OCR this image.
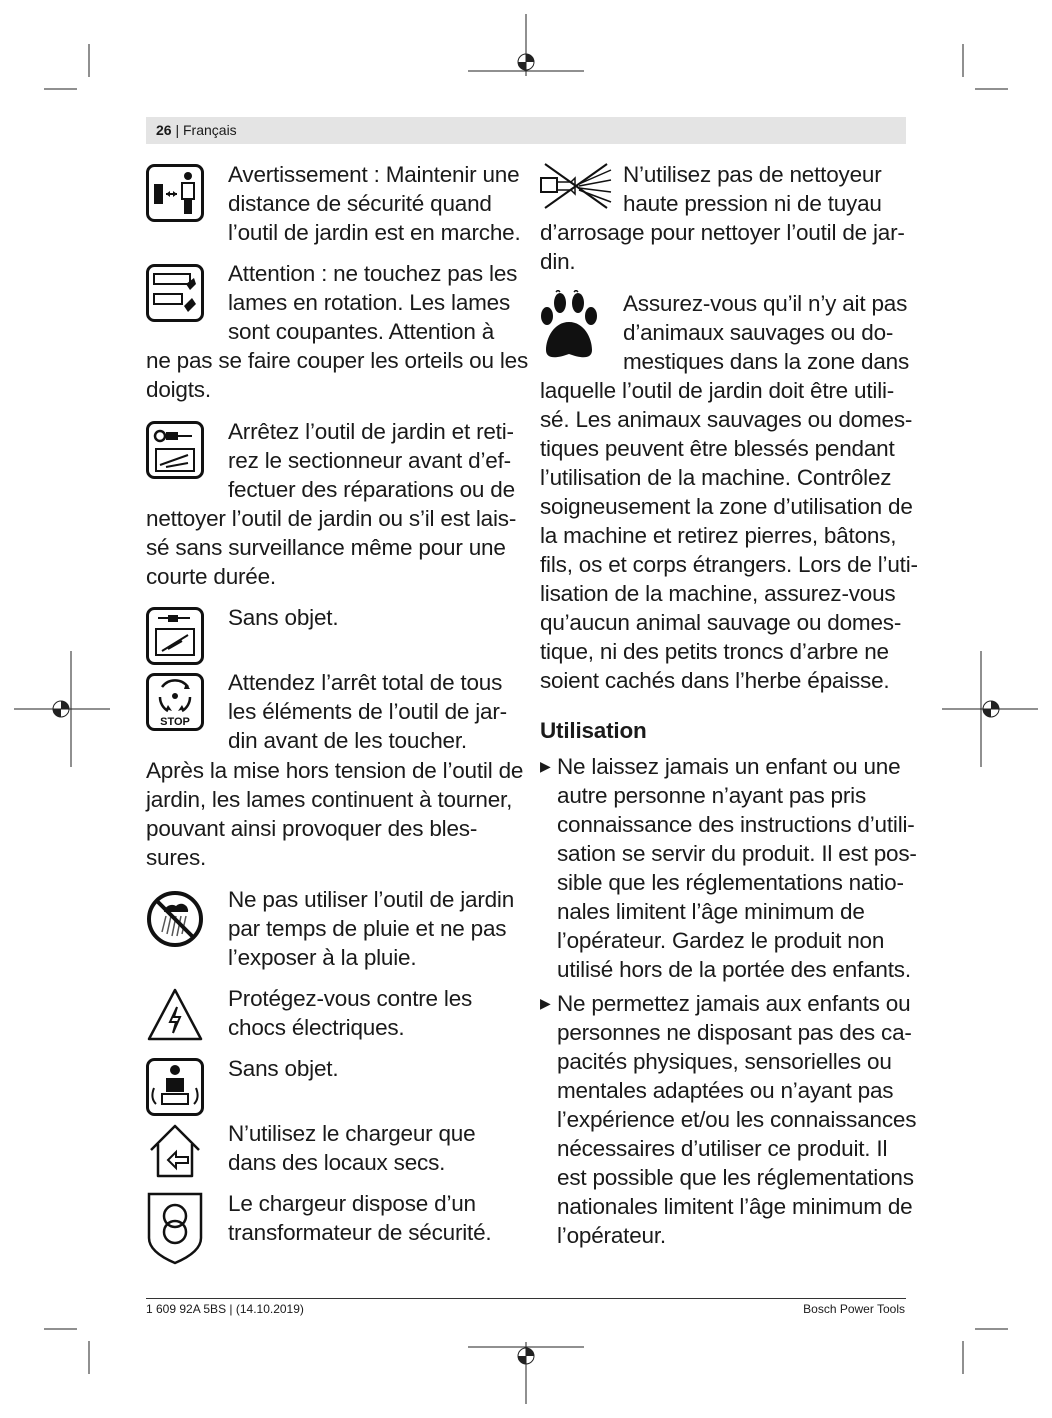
26 | Français
Avertissement : Maintenir une
distance de sécurité quand
l’outil de jardin est en marche.
Attention : ne touchez pas les
lames en rotation. Les lames
sont coupantes. Attention à
ne pas se faire couper les orteils ou les
doigts.
Arrêtez l’outil de jardin et reti-
rez le sectionneur avant d’ef-
fectuer des réparations ou de
nettoyer l’outil de jardin ou s’il est lais-
sé sans surveillance même pour une
courte durée.
Sans objet.
STOP
Attendez l’arrêt total de tous
les éléments de l’outil de jar-
din avant de les toucher.
Après la mise hors tension de l’outil de
jardin, les lames continuent à tourner,
pouvant ainsi provoquer des bles-
sures.
Ne pas utiliser l’outil de jardin
par temps de pluie et ne pas
l’exposer à la pluie.
Protégez-vous contre les
chocs électriques.
Sans objet.
N’utilisez le chargeur que
dans des locaux secs.
Le chargeur dispose d’un
transformateur de sécurité.
N’utilisez pas de nettoyeur
haute pression ni de tuyau
d’arrosage pour nettoyer l’outil de jar-
din.
Assurez-vous qu’il n’y ait pas
d’animaux sauvages ou do-
mestiques dans la zone dans
laquelle l’outil de jardin doit être utili-
sé. Les animaux sauvages ou domes-
tiques peuvent être blessés pendant
l’utilisation de la machine. Contrôlez
soigneusement la zone d’utilisation de
la machine et retirez pierres, bâtons,
fils, os et corps étrangers. Lors de l’uti-
lisation de la machine, assurez-vous
qu’aucun animal sauvage ou domes-
tique, ni des petits troncs d’arbre ne
soient cachés dans l’herbe épaisse.
Utilisation
▶ Ne laissez jamais un enfant ou une
autre personne n’ayant pas pris
connaissance des instructions d’utili-
sation se servir du produit. Il est pos-
sible que les réglementations natio-
nales limitent l’âge minimum de
l’opérateur. Gardez le produit non
utilisé hors de la portée des enfants.
▶ Ne permettez jamais aux enfants ou
personnes ne disposant pas des ca-
pacités physiques, sensorielles ou
mentales adaptées ou n’ayant pas
l’expérience et/ou les connaissances
nécessaires d’utiliser ce produit. Il
est possible que les réglementations
nationales limitent l’âge minimum de
l’opérateur.
1 609 92A 5BS | (14.10.2019)	Bosch Power Tools
